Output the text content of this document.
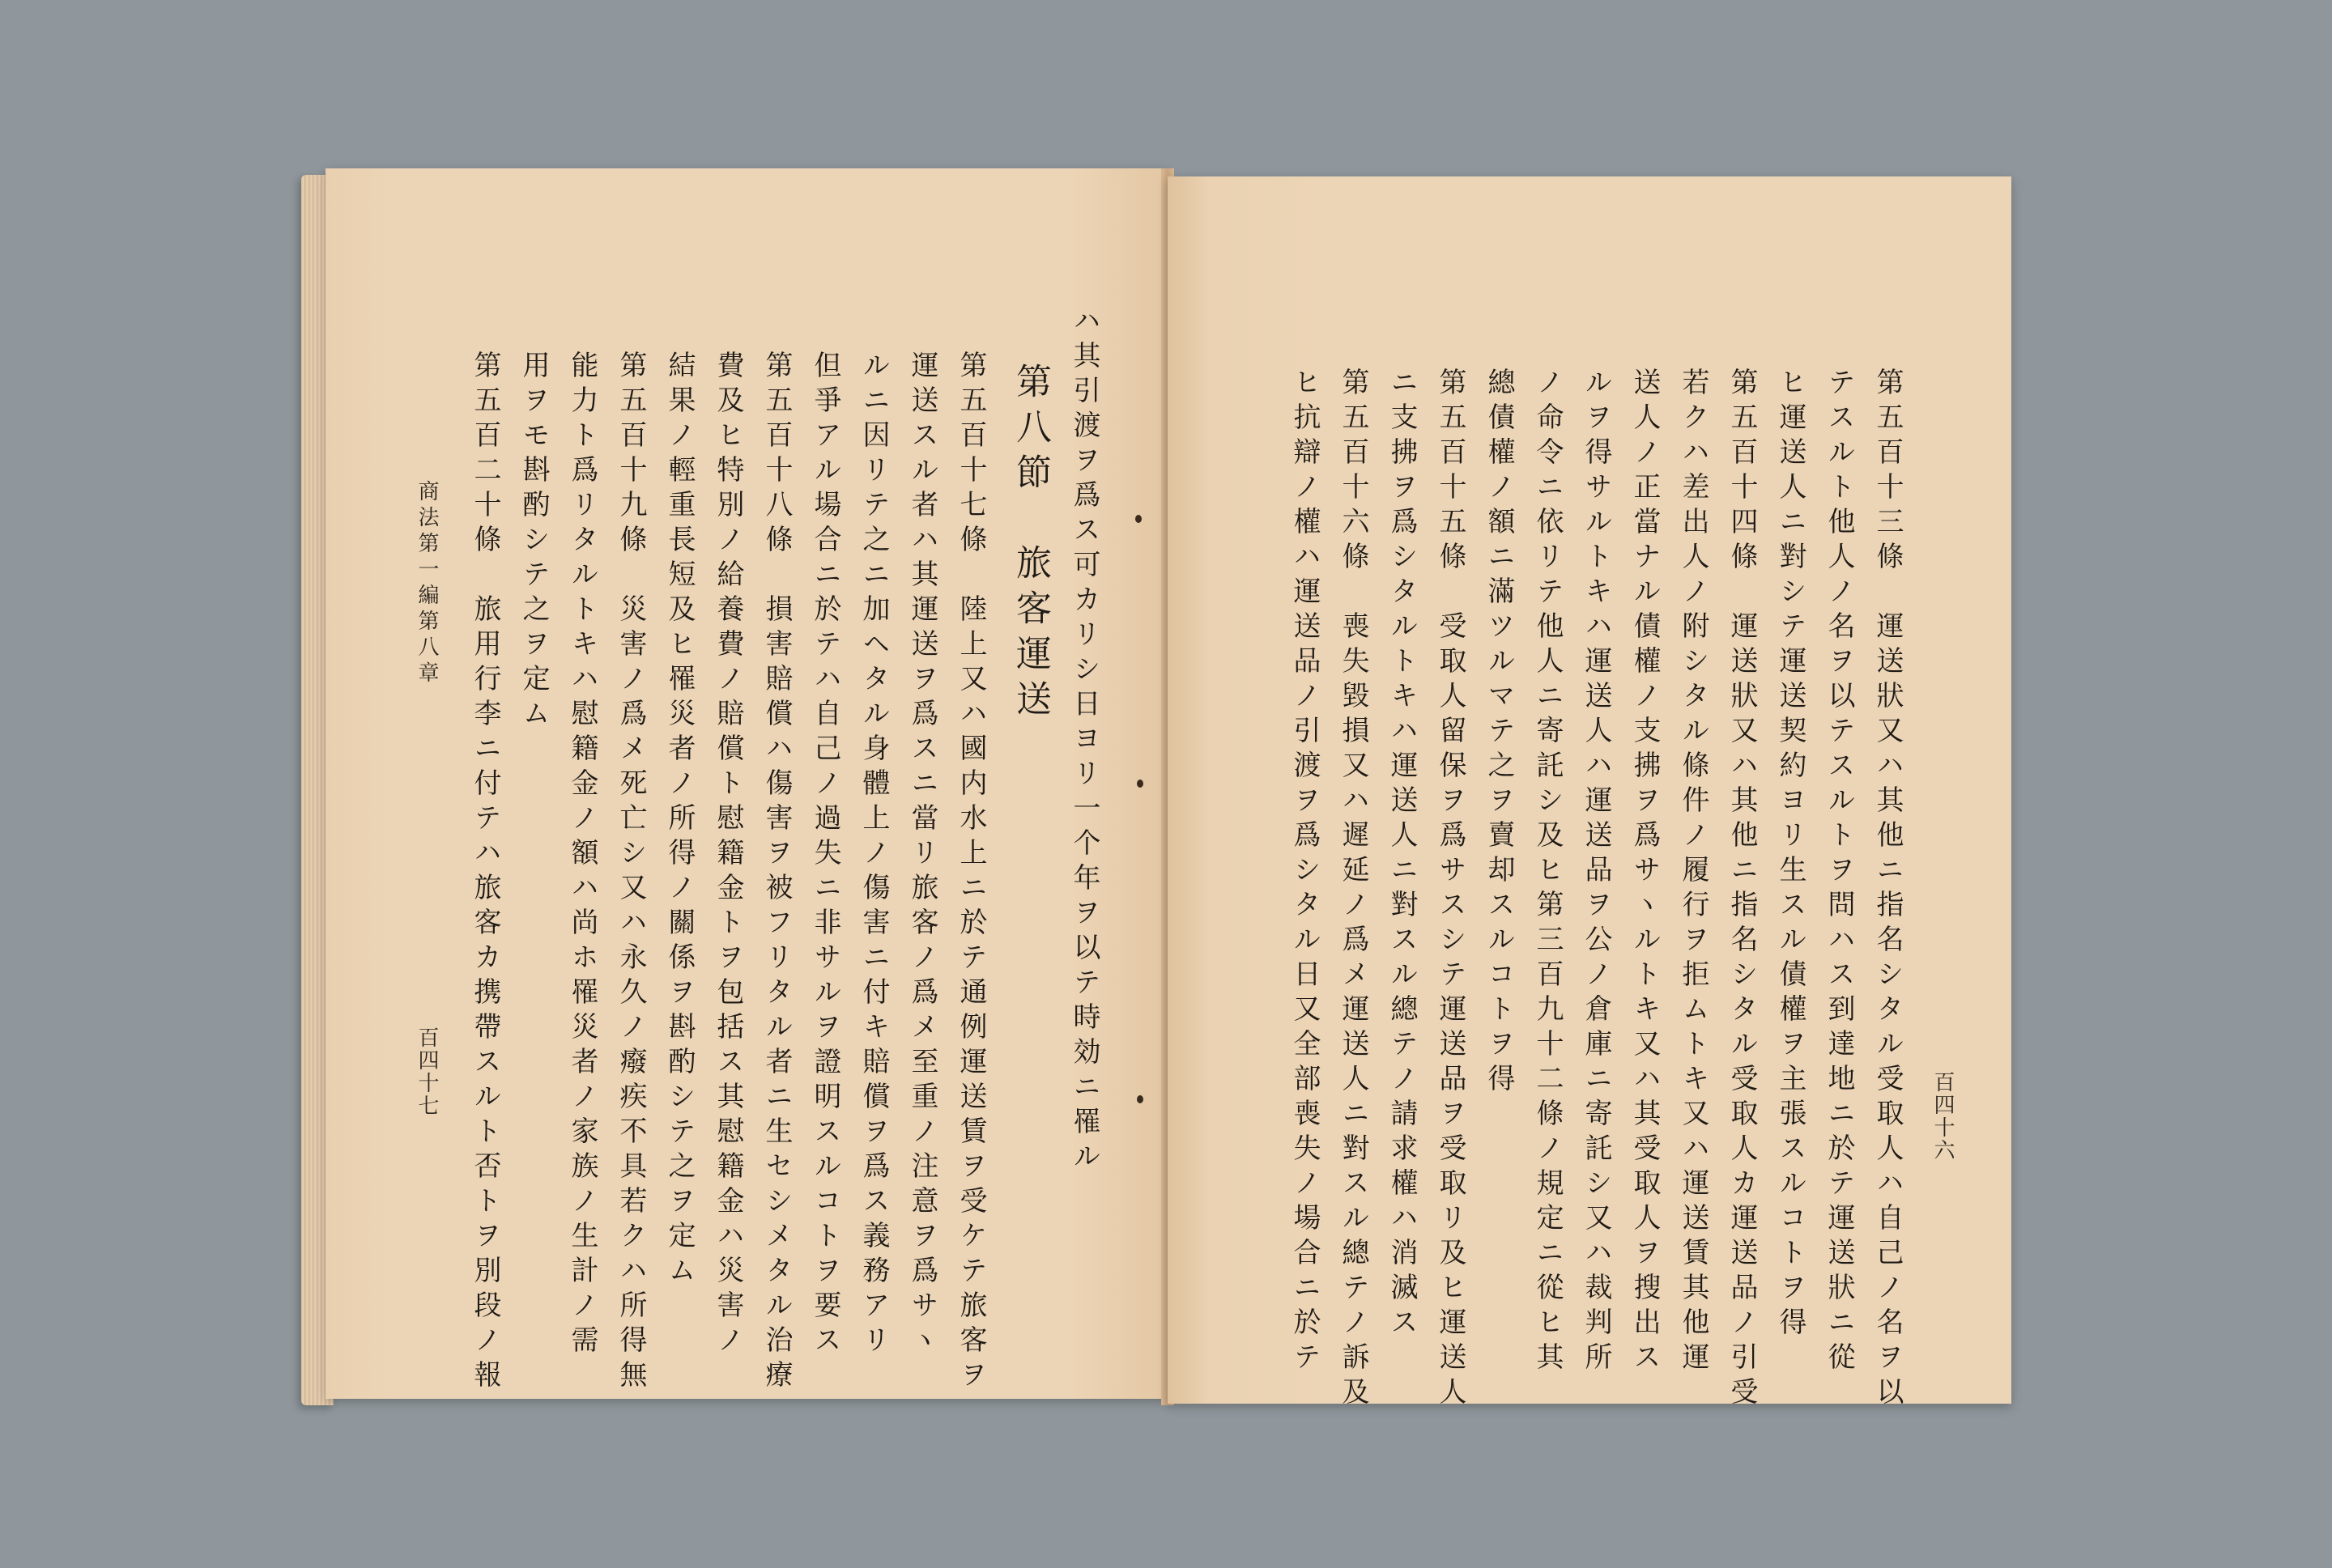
ハ其引渡ヲ爲ス可カリシ日ヨリ一个年ヲ以テ時効ニ罹ル
第八節　旅客運送
第五百十七條　陸上又ハ國内水上ニ於テ通例運送賃ヲ受ケテ旅客ヲ
運送スル者ハ其運送ヲ爲スニ當リ旅客ノ爲メ至重ノ注意ヲ爲サヽ
ルニ因リテ之ニ加ヘタル身體上ノ傷害ニ付キ賠償ヲ爲ス義務アリ
但爭アル場合ニ於テハ自己ノ過失ニ非サルヲ證明スルコトヲ要ス
第五百十八條　損害賠償ハ傷害ヲ被フリタル者ニ生セシメタル治療
費及ヒ特別ノ給養費ノ賠償ト慰籍金トヲ包括ス其慰籍金ハ災害ノ
結果ノ輕重長短及ヒ罹災者ノ所得ノ關係ヲ斟酌シテ之ヲ定ム
第五百十九條　災害ノ爲メ死亡シ又ハ永久ノ癈疾不具若クハ所得無
能力ト爲リタルトキハ慰籍金ノ額ハ尚ホ罹災者ノ家族ノ生計ノ需
用ヲモ斟酌シテ之ヲ定ム
第五百二十條　旅用行李ニ付テハ旅客カ携帶スルト否トヲ別段ノ報
商法第一編第八章
百四十七	百四十六
第五百十三條　運送狀又ハ其他ニ指名シタル受取人ハ自己ノ名ヲ以
テスルト他人ノ名ヲ以テスルトヲ問ハス到達地ニ於テ運送狀ニ從
ヒ運送人ニ對シテ運送契約ヨリ生スル債權ヲ主張スルコトヲ得
第五百十四條　運送狀又ハ其他ニ指名シタル受取人カ運送品ノ引受
若クハ差出人ノ附シタル條件ノ履行ヲ拒ムトキ又ハ運送賃其他運
送人ノ正當ナル債權ノ支拂ヲ爲サヽルトキ又ハ其受取人ヲ搜出ス
ルヲ得サルトキハ運送人ハ運送品ヲ公ノ倉庫ニ寄託シ又ハ裁判所
ノ命令ニ依リテ他人ニ寄託シ及ヒ第三百九十二條ノ規定ニ從ヒ其
總債權ノ額ニ滿ツルマテ之ヲ賣却スルコトヲ得
第五百十五條　受取人留保ヲ爲サスシテ運送品ヲ受取リ及ヒ運送人
ニ支拂ヲ爲シタルトキハ運送人ニ對スル總テノ請求權ハ消滅ス
第五百十六條　喪失毀損又ハ遲延ノ爲メ運送人ニ對スル總テノ訴及
ヒ抗辯ノ權ハ運送品ノ引渡ヲ爲シタル日又全部喪失ノ場合ニ於テ
